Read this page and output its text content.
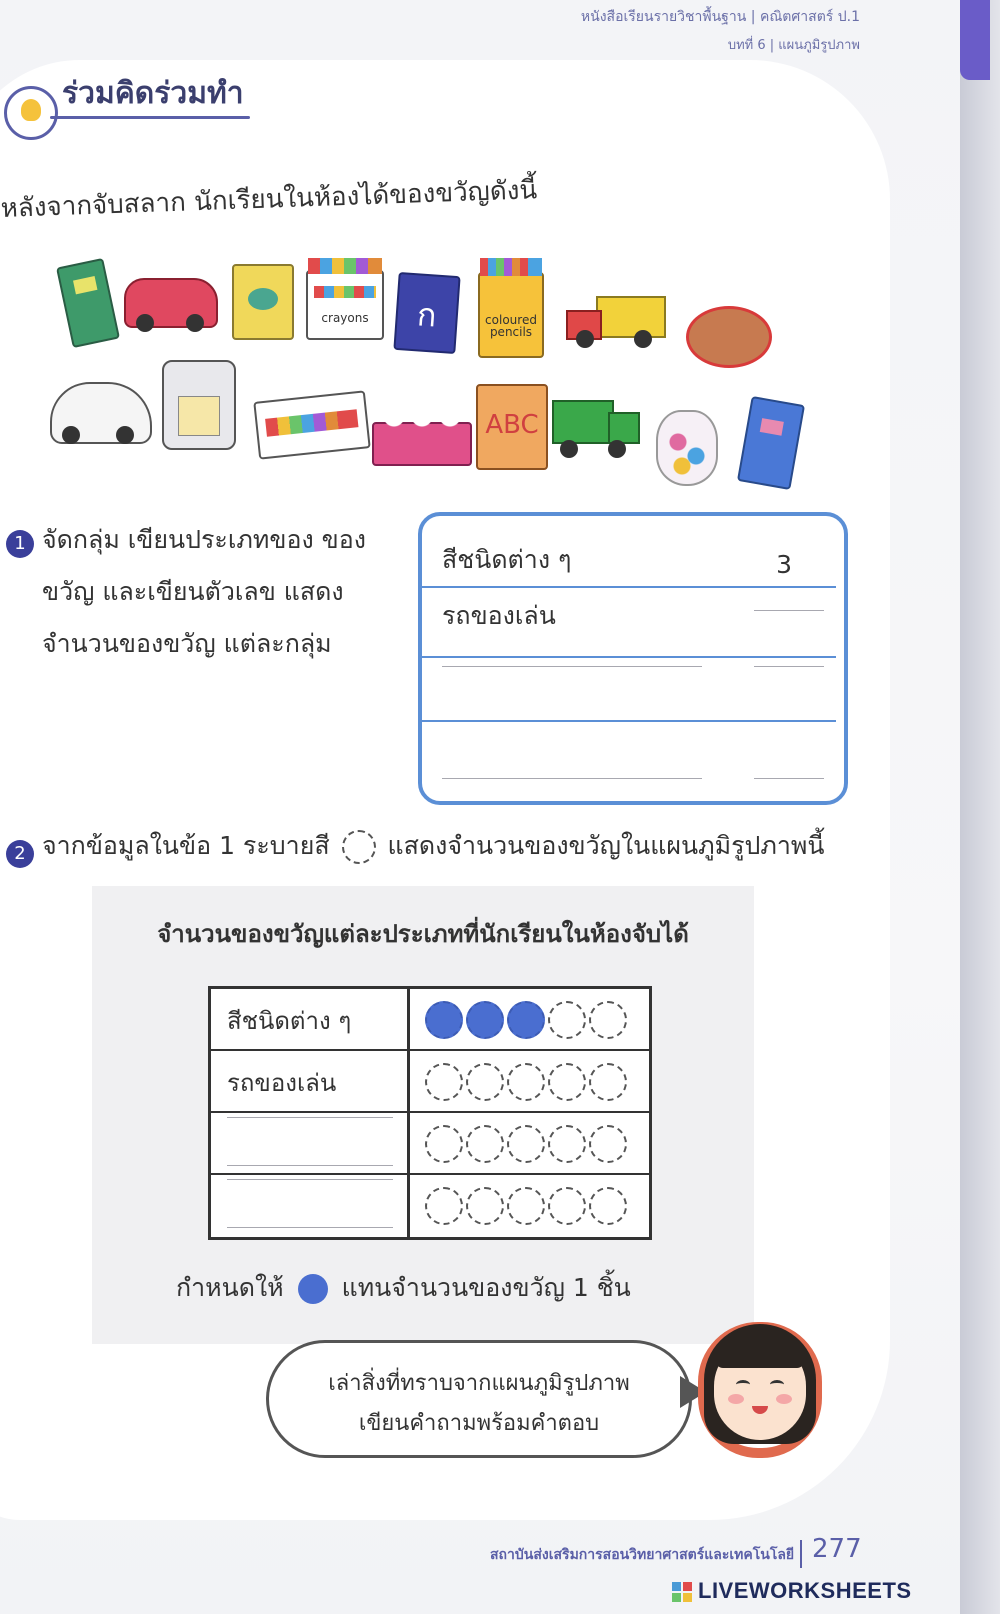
หนังสือเรียนรายวิชาพื้นฐาน | คณิตศาสตร์ ป.1
บทที่ 6 | แผนภูมิรูปภาพ
ร่วมคิดร่วมทำ
หลังจากจับสลาก นักเรียนในห้องได้ของขวัญดังนี้
crayons	ก	coloured pencils
ABC
1 จัดกลุ่ม เขียนประเภทของ ของขวัญ และเขียนตัวเลข แสดงจำนวนของขวัญ แต่ละกลุ่ม
สีชนิดต่าง ๆ	3
รถของเล่น
2 จากข้อมูลในข้อ 1 ระบายสี แสดงจำนวนของขวัญในแผนภูมิรูปภาพนี้
จำนวนของขวัญแต่ละประเภทที่นักเรียนในห้องจับได้
สีชนิดต่าง ๆ
รถของเล่น
กำหนดให้ แทนจำนวนของขวัญ 1 ชิ้น
เล่าสิ่งที่ทราบจากแผนภูมิรูปภาพ
เขียนคำถามพร้อมคำตอบ
สถาบันส่งเสริมการสอนวิทยาศาสตร์และเทคโนโลยี 277
LIVEWORKSHEETS
